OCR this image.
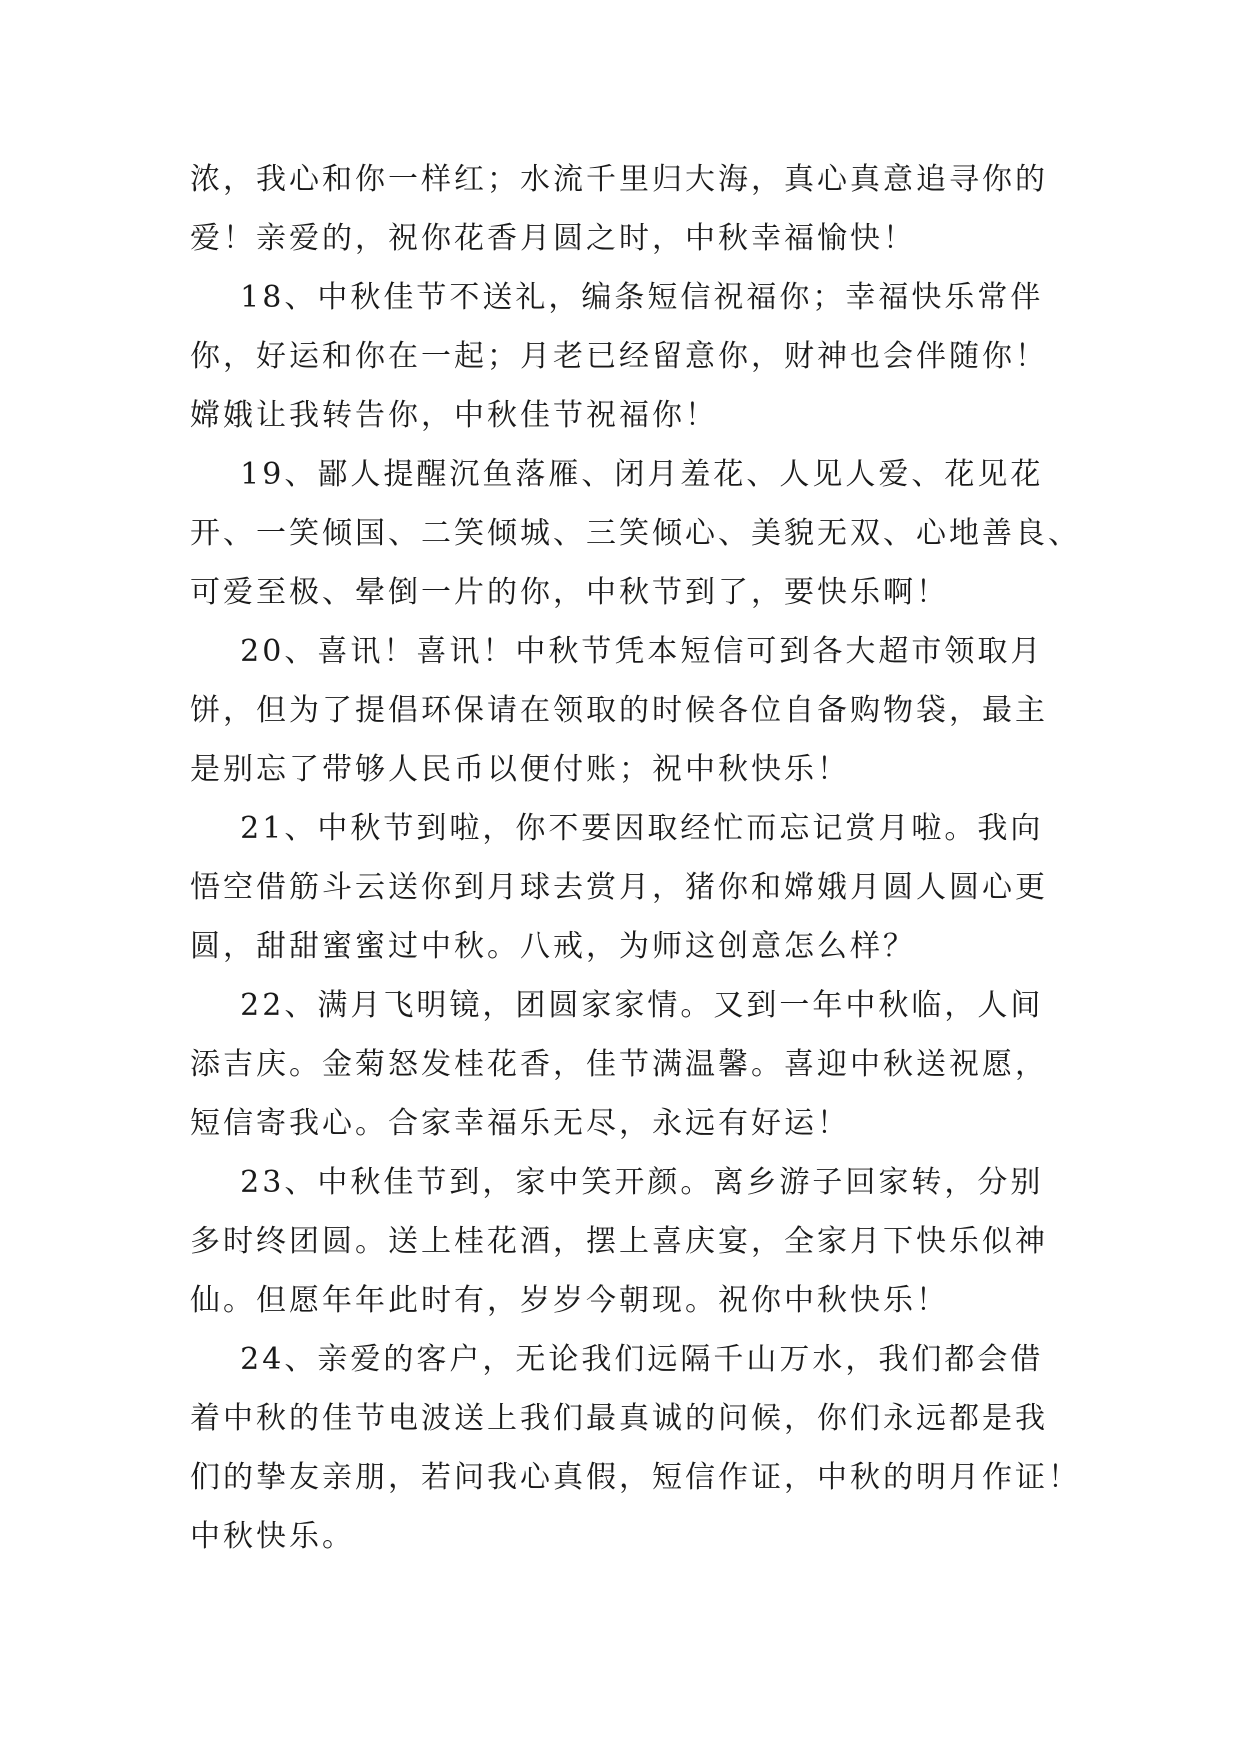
浓，我心和你一样红；水流千里归大海，真心真意追寻你的
爱！亲爱的，祝你花香月圆之时，中秋幸福愉快！
18、中秋佳节不送礼，编条短信祝福你；幸福快乐常伴
你，好运和你在一起；月老已经留意你，财神也会伴随你！
嫦娥让我转告你，中秋佳节祝福你！
19、鄙人提醒沉鱼落雁、闭月羞花、人见人爱、花见花
开、一笑倾国、二笑倾城、三笑倾心、美貌无双、心地善良、
可爱至极、晕倒一片的你，中秋节到了，要快乐啊！
20、喜讯！喜讯！中秋节凭本短信可到各大超市领取月
饼，但为了提倡环保请在领取的时候各位自备购物袋，最主
是别忘了带够人民币以便付账；祝中秋快乐！
21、中秋节到啦，你不要因取经忙而忘记赏月啦。我向
悟空借筋斗云送你到月球去赏月，猪你和嫦娥月圆人圆心更
圆，甜甜蜜蜜过中秋。八戒，为师这创意怎么样？
22、满月飞明镜，团圆家家情。又到一年中秋临，人间
添吉庆。金菊怒发桂花香，佳节满温馨。喜迎中秋送祝愿，
短信寄我心。合家幸福乐无尽，永远有好运！
23、中秋佳节到，家中笑开颜。离乡游子回家转，分别
多时终团圆。送上桂花酒，摆上喜庆宴，全家月下快乐似神
仙。但愿年年此时有，岁岁今朝现。祝你中秋快乐！
24、亲爱的客户，无论我们远隔千山万水，我们都会借
着中秋的佳节电波送上我们最真诚的问候，你们永远都是我
们的挚友亲朋，若问我心真假，短信作证，中秋的明月作证！
中秋快乐。
